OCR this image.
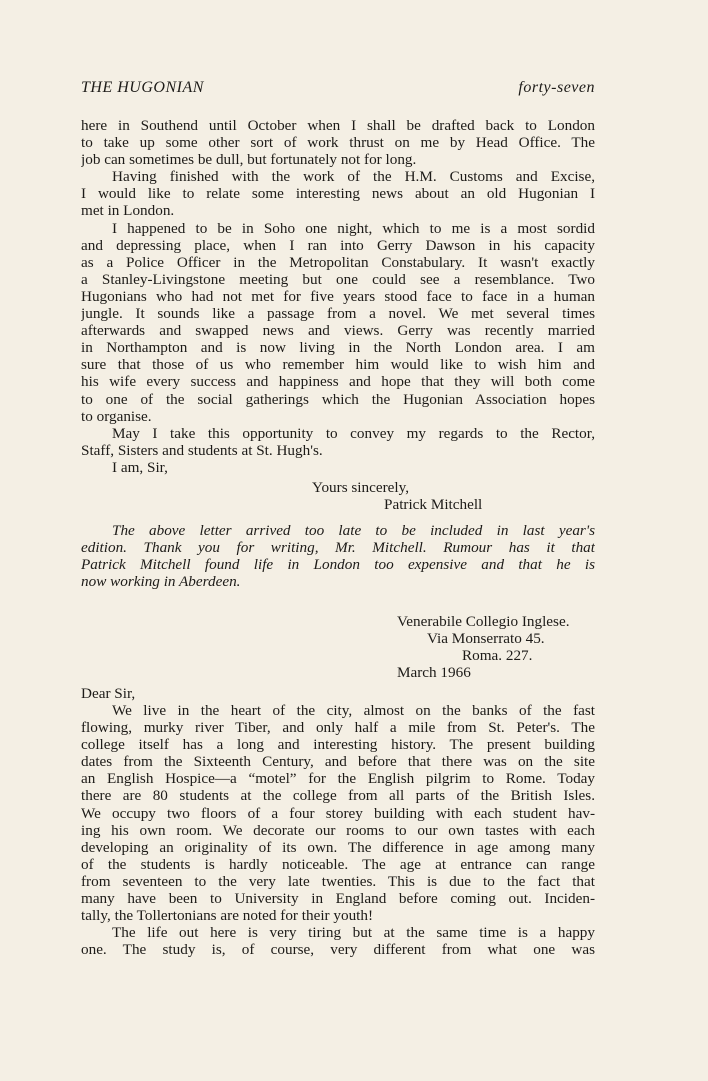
THE HUGONIAN	forty-seven
here in Southend until October when I shall be drafted back to London
to take up some other sort of work thrust on me by Head Office. The
job can sometimes be dull, but fortunately not for long.
Having finished with the work of the H.M. Customs and Excise,
I would like to relate some interesting news about an old Hugonian I
met in London.
I happened to be in Soho one night, which to me is a most sordid
and depressing place, when I ran into Gerry Dawson in his capacity
as a Police Officer in the Metropolitan Constabulary. It wasn't exactly
a Stanley-Livingstone meeting but one could see a resemblance. Two
Hugonians who had not met for five years stood face to face in a human
jungle. It sounds like a passage from a novel. We met several times
afterwards and swapped news and views. Gerry was recently married
in Northampton and is now living in the North London area. I am
sure that those of us who remember him would like to wish him and
his wife every success and happiness and hope that they will both come
to one of the social gatherings which the Hugonian Association hopes
to organise.
May I take this opportunity to convey my regards to the Rector,
Staff, Sisters and students at St. Hugh's.
I am, Sir,
Yours sincerely,
Patrick Mitchell
The above letter arrived too late to be included in last year's
edition. Thank you for writing, Mr. Mitchell. Rumour has it that
Patrick Mitchell found life in London too expensive and that he is
now working in Aberdeen.
Venerabile Collegio Inglese.
Via Monserrato 45.
Roma. 227.
March 1966
Dear Sir,
We live in the heart of the city, almost on the banks of the fast
flowing, murky river Tiber, and only half a mile from St. Peter's. The
college itself has a long and interesting history. The present building
dates from the Sixteenth Century, and before that there was on the site
an English Hospice—a “motel” for the English pilgrim to Rome. Today
there are 80 students at the college from all parts of the British Isles.
We occupy two floors of a four storey building with each student hav-
ing his own room. We decorate our rooms to our own tastes with each
developing an originality of its own. The difference in age among many
of the students is hardly noticeable. The age at entrance can range
from seventeen to the very late twenties. This is due to the fact that
many have been to University in England before coming out. Inciden-
tally, the Tollertonians are noted for their youth!
The life out here is very tiring but at the same time is a happy
one. The study is, of course, very different from what one was
